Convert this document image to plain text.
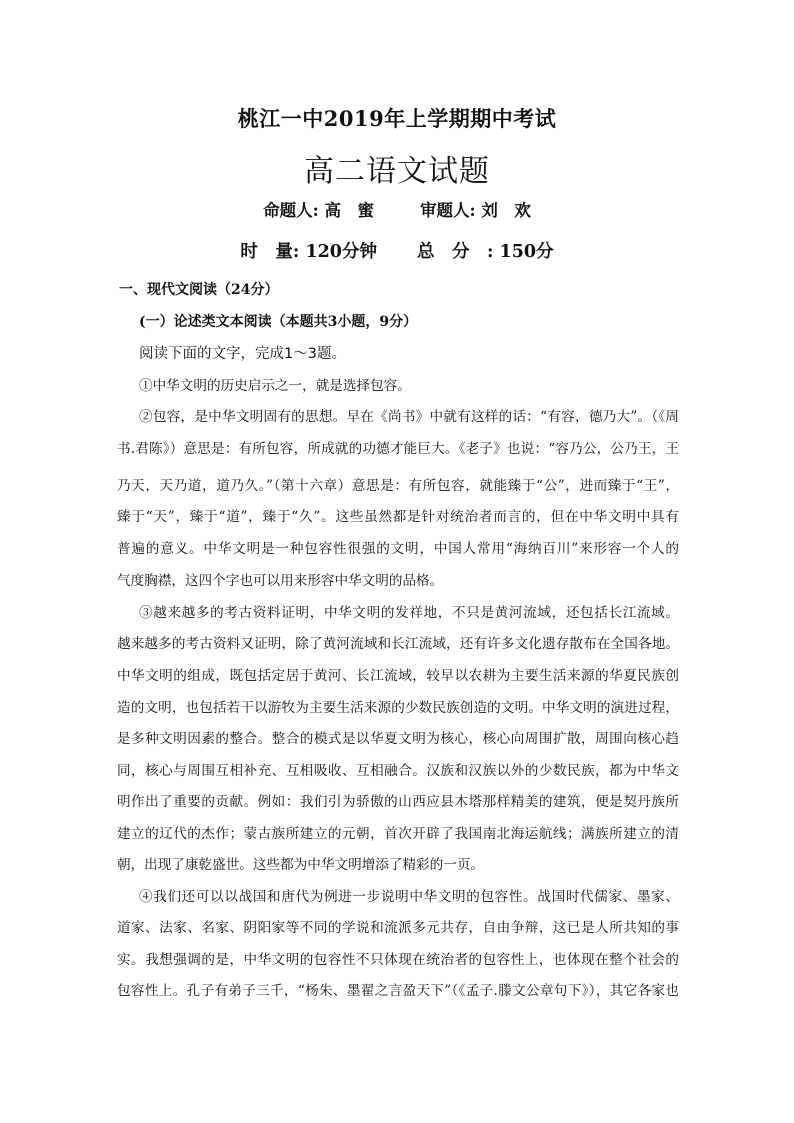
桃江一中2019年上学期期中考试
高二语文试题
命题人: 高　蜜	审题人: 刘　欢
时　量: 120分钟 总　分　: 150分
一、现代文阅读（24分）
(一）论述类文本阅读（本题共3小题，9分）
阅读下面的文字，完成1～3题。
①中华文明的历史启示之一，就是选择包容。
②包容，是中华文明固有的思想。早在《尚书》中就有这样的话：“有容，德乃大”。（《周
书.君陈》）意思是：有所包容，所成就的功德才能巨大。《老子》也说：“容乃公，公乃王，王
乃天，天乃道，道乃久。”（第十六章）意思是：有所包容，就能臻于“公”，进而臻于“王”，
臻于“天”，臻于“道”，臻于“久”。这些虽然都是针对统治者而言的，但在中华文明中具有
普遍的意义。中华文明是一种包容性很强的文明，中国人常用“海纳百川”来形容一个人的
气度胸襟，这四个字也可以用来形容中华文明的品格。
③越来越多的考古资料证明，中华文明的发祥地，不只是黄河流域，还包括长江流域。
越来越多的考古资料又证明，除了黄河流域和长江流域，还有许多文化遗存散布在全国各地。
中华文明的组成，既包括定居于黄河、长江流域，较早以农耕为主要生活来源的华夏民族创
造的文明，也包括若干以游牧为主要生活来源的少数民族创造的文明。中华文明的演进过程，
是多种文明因素的整合。整合的模式是以华夏文明为核心，核心向周围扩散，周围向核心趋
同，核心与周围互相补充、互相吸收、互相融合。汉族和汉族以外的少数民族，都为中华文
明作出了重要的贡献。例如：我们引为骄傲的山西应县木塔那样精美的建筑，便是契丹族所
建立的辽代的杰作；蒙古族所建立的元朝，首次开辟了我国南北海运航线；满族所建立的清
朝，出现了康乾盛世。这些都为中华文明增添了精彩的一页。
④我们还可以以战国和唐代为例进一步说明中华文明的包容性。战国时代儒家、墨家、
道家、法家、名家、阴阳家等不同的学说和流派多元共存，自由争辩，这已是人所共知的事
实。我想强调的是，中华文明的包容性不只体现在统治者的包容性上，也体现在整个社会的
包容性上。孔子有弟子三千，“杨朱、墨翟之言盈天下”（《孟子.滕文公章句下》），其它各家也
